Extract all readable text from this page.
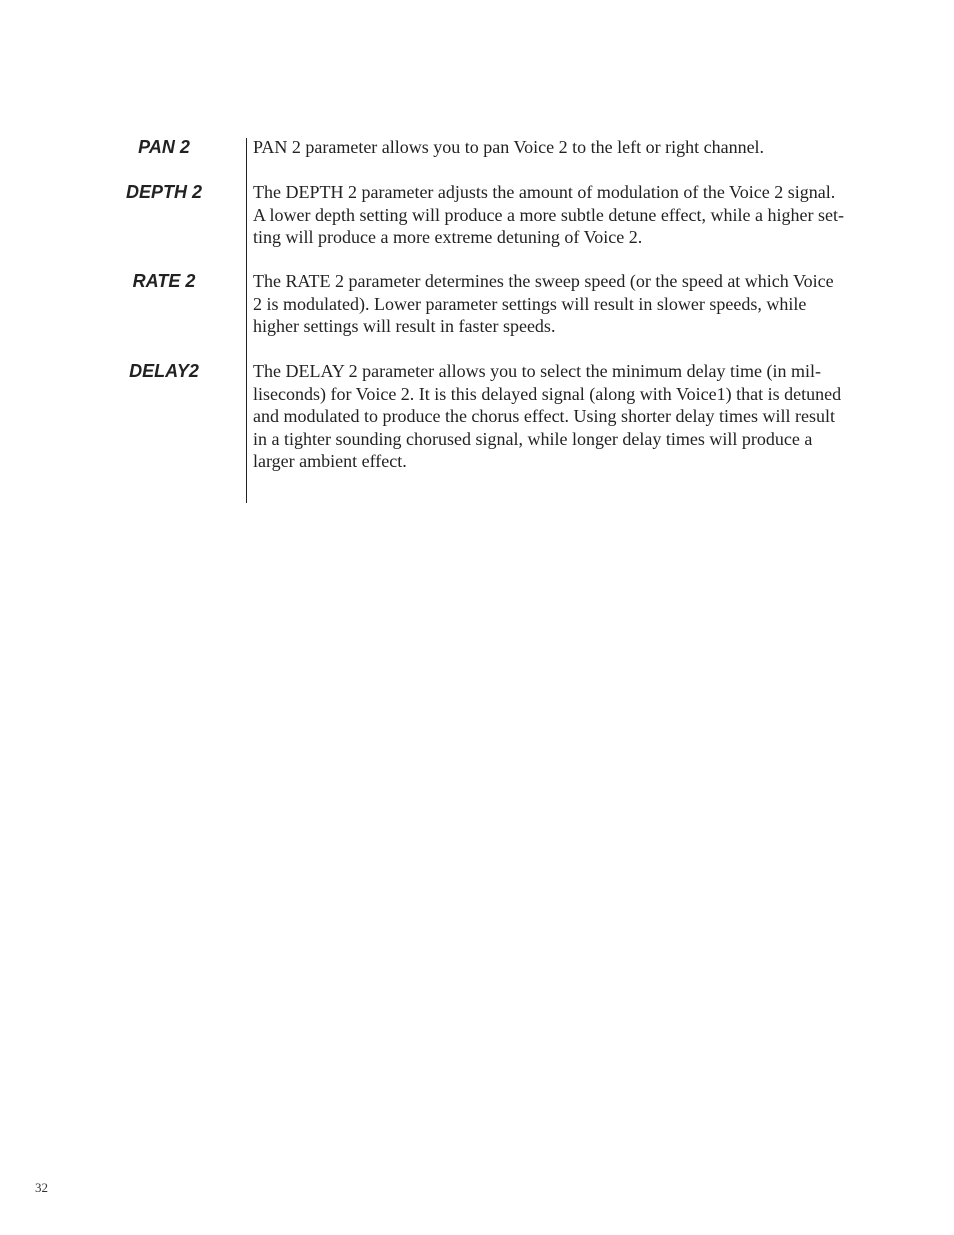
PAN 2	PAN 2 parameter allows you to pan Voice 2 to the left or right channel.

DEPTH 2	The DEPTH 2 parameter adjusts the amount of modulation of the Voice 2 signal.
A lower depth setting will produce a more subtle detune effect, while a higher set-
ting will produce a more extreme detuning of Voice 2.

RATE 2	The RATE 2 parameter determines the sweep speed (or the speed at which Voice
2 is modulated). Lower parameter settings will result in slower speeds, while
higher settings will result in faster speeds.

DELAY2	The DELAY 2 parameter allows you to select the minimum delay time (in mil-
liseconds) for Voice 2. It is this delayed signal (along with Voice1) that is detuned
and modulated to produce the chorus effect. Using shorter delay times will result
in a tighter sounding chorused signal, while longer delay times will produce a
larger ambient effect.

32
